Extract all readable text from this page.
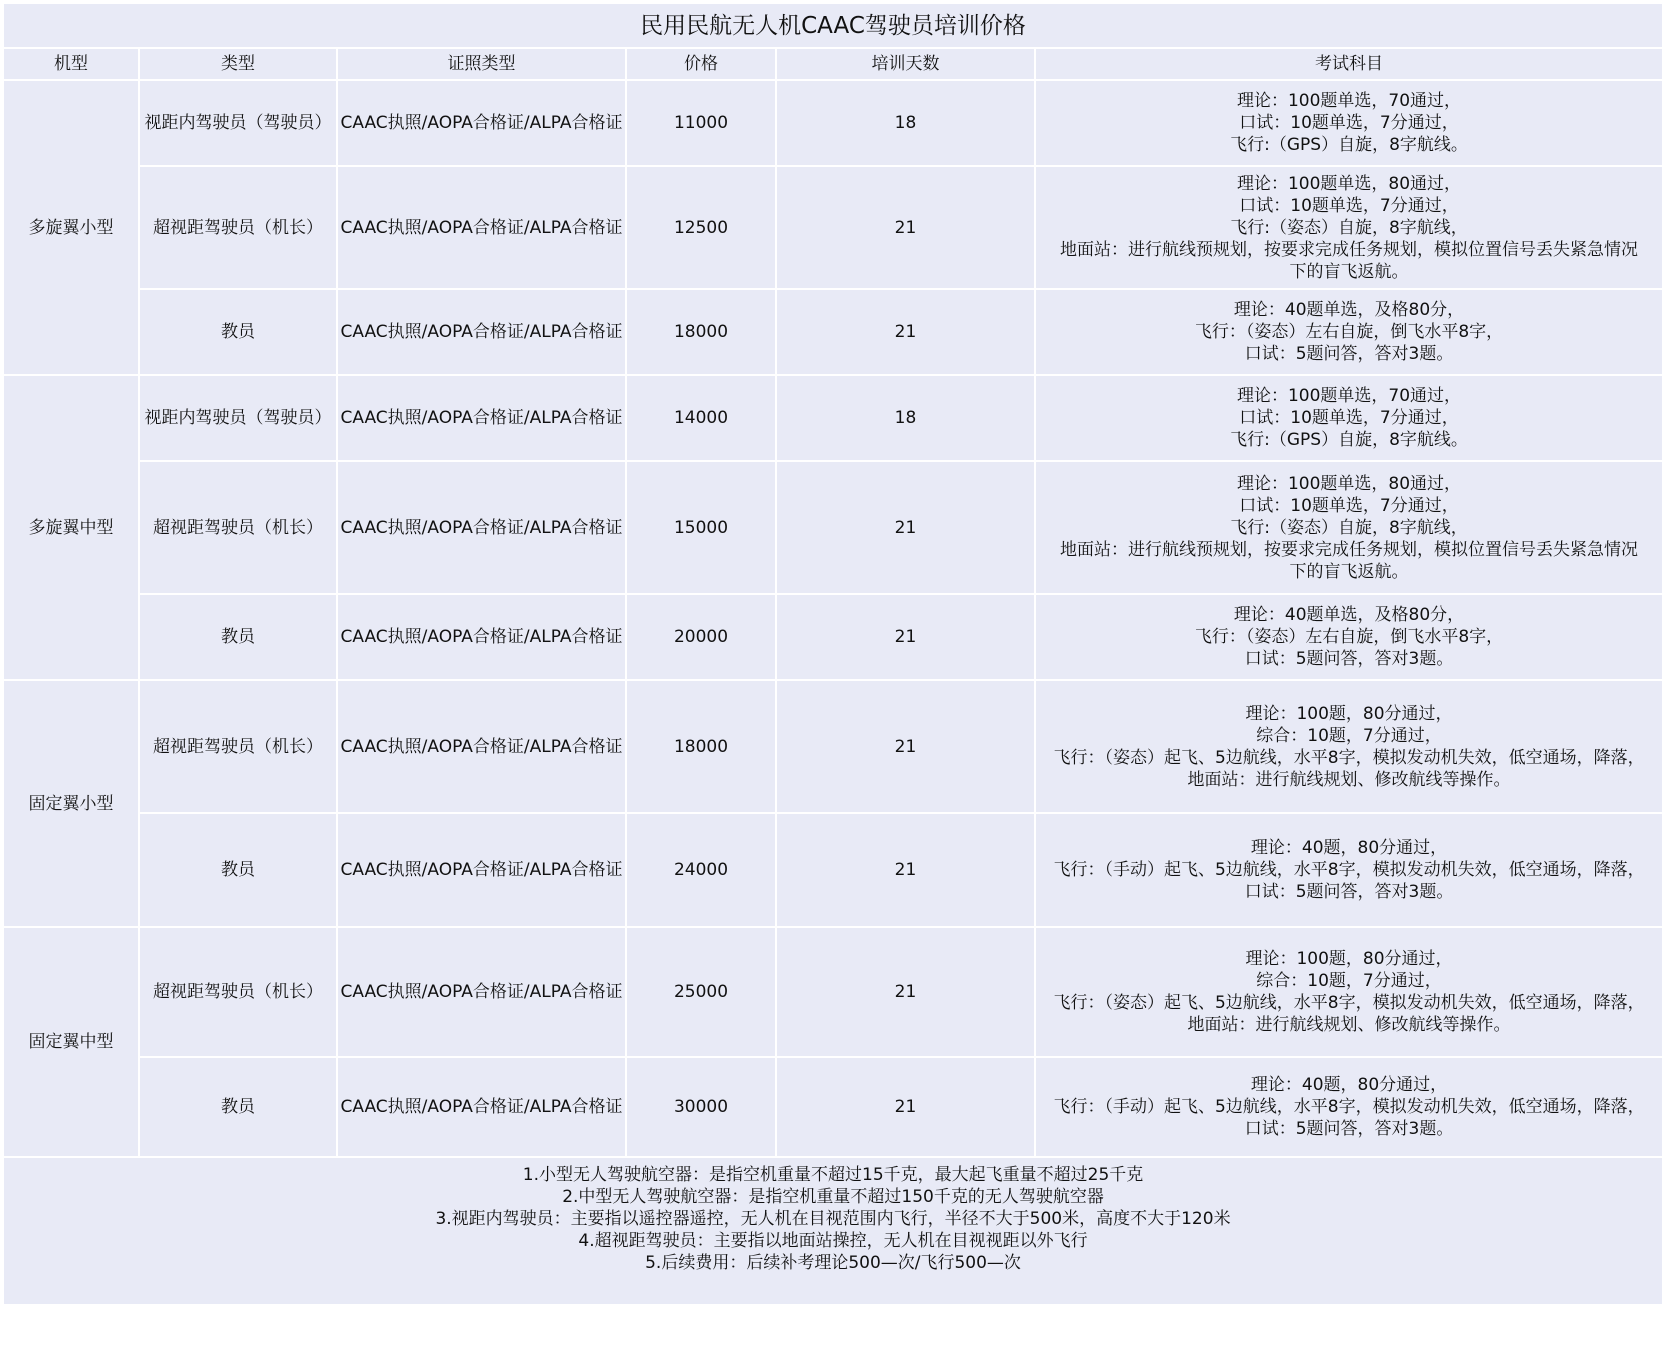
民用民航无人机CAAC驾驶员培训价格					
机型	类型	证照类型	价格	培训天数	考试科目
多旋翼小型	视距内驾驶员（驾驶员）	CAAC执照/AOPA合格证/ALPA合格证	11000	18	理论：100题单选，70通过，
口试：10题单选，7分通过，
飞行:（GPS）自旋，8字航线。

	超视距驾驶员（机长）	CAAC执照/AOPA合格证/ALPA合格证	12500	21	理论：100题单选，80通过，
口试：10题单选，7分通过，
飞行:（姿态）自旋，8字航线，
地面站：进行航线预规划，按要求完成任务规划，模拟位置信号丢失紧急情况
下的盲飞返航。

	教员	CAAC执照/AOPA合格证/ALPA合格证	18000	21	理论：40题单选，及格80分，
飞行：（姿态）左右自旋，倒飞水平8字，
口试：5题问答，答对3题。

多旋翼中型	视距内驾驶员（驾驶员）	CAAC执照/AOPA合格证/ALPA合格证	14000	18	理论：100题单选，70通过，
口试：10题单选，7分通过，
飞行:（GPS）自旋，8字航线。

	超视距驾驶员（机长）	CAAC执照/AOPA合格证/ALPA合格证	15000	21	理论：100题单选，80通过，
口试：10题单选，7分通过，
飞行:（姿态）自旋，8字航线，
地面站：进行航线预规划，按要求完成任务规划，模拟位置信号丢失紧急情况
下的盲飞返航。

	教员	CAAC执照/AOPA合格证/ALPA合格证	20000	21	理论：40题单选，及格80分，
飞行：（姿态）左右自旋，倒飞水平8字，
口试：5题问答，答对3题。

固定翼小型	超视距驾驶员（机长）	CAAC执照/AOPA合格证/ALPA合格证	18000	21	理论：100题，80分通过，
综合：10题，7分通过，
飞行：（姿态）起飞、5边航线，水平8字，模拟发动机失效，低空通场，降落，
地面站：进行航线规划、修改航线等操作。

	教员	CAAC执照/AOPA合格证/ALPA合格证	24000	21	理论：40题，80分通过，
飞行：（手动）起飞、5边航线，水平8字，模拟发动机失效，低空通场，降落，
口试：5题问答，答对3题。

固定翼中型	超视距驾驶员（机长）	CAAC执照/AOPA合格证/ALPA合格证	25000	21	理论：100题，80分通过，
综合：10题，7分通过，
飞行：（姿态）起飞、5边航线，水平8字，模拟发动机失效，低空通场，降落，
地面站：进行航线规划、修改航线等操作。

	教员	CAAC执照/AOPA合格证/ALPA合格证	30000	21	理论：40题，80分通过，
飞行：（手动）起飞、5边航线，水平8字，模拟发动机失效，低空通场，降落，
口试：5题问答，答对3题。

1.小型无人驾驶航空器：是指空机重量不超过15千克，最大起飞重量不超过25千克
2.中型无人驾驶航空器：是指空机重量不超过150千克的无人驾驶航空器
3.视距内驾驶员：主要指以遥控器遥控，无人机在目视范围内飞行，半径不大于500米，高度不大于120米
4.超视距驾驶员：主要指以地面站操控，无人机在目视视距以外飞行
5.后续费用：后续补考理论500—次/飞行500—次					
